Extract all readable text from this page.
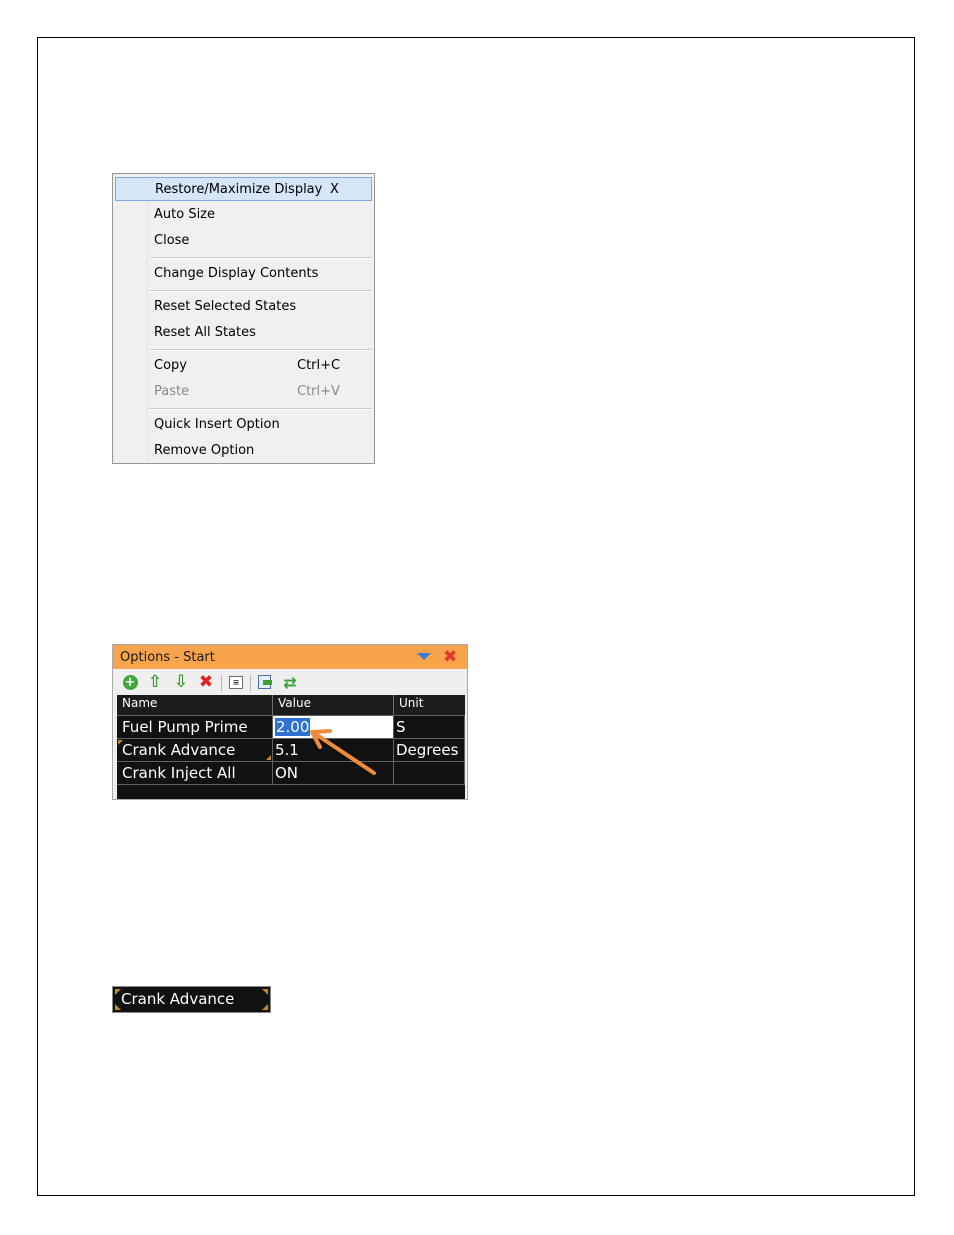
Restore/Maximize Display X
Auto Size
Close
Change Display Contents
Reset Selected States
Reset All States
Copy	Ctrl+C
Paste	Ctrl+V
Quick Insert Option
Remove Option
Options - Start	✖
+ ⇧ ⇩ ✖	≡	⇄
Name	Value	Unit
Fuel Pump Prime	2.00	S
Crank Advance	5.1	Degrees
Crank Inject All	ON
Crank Advance
